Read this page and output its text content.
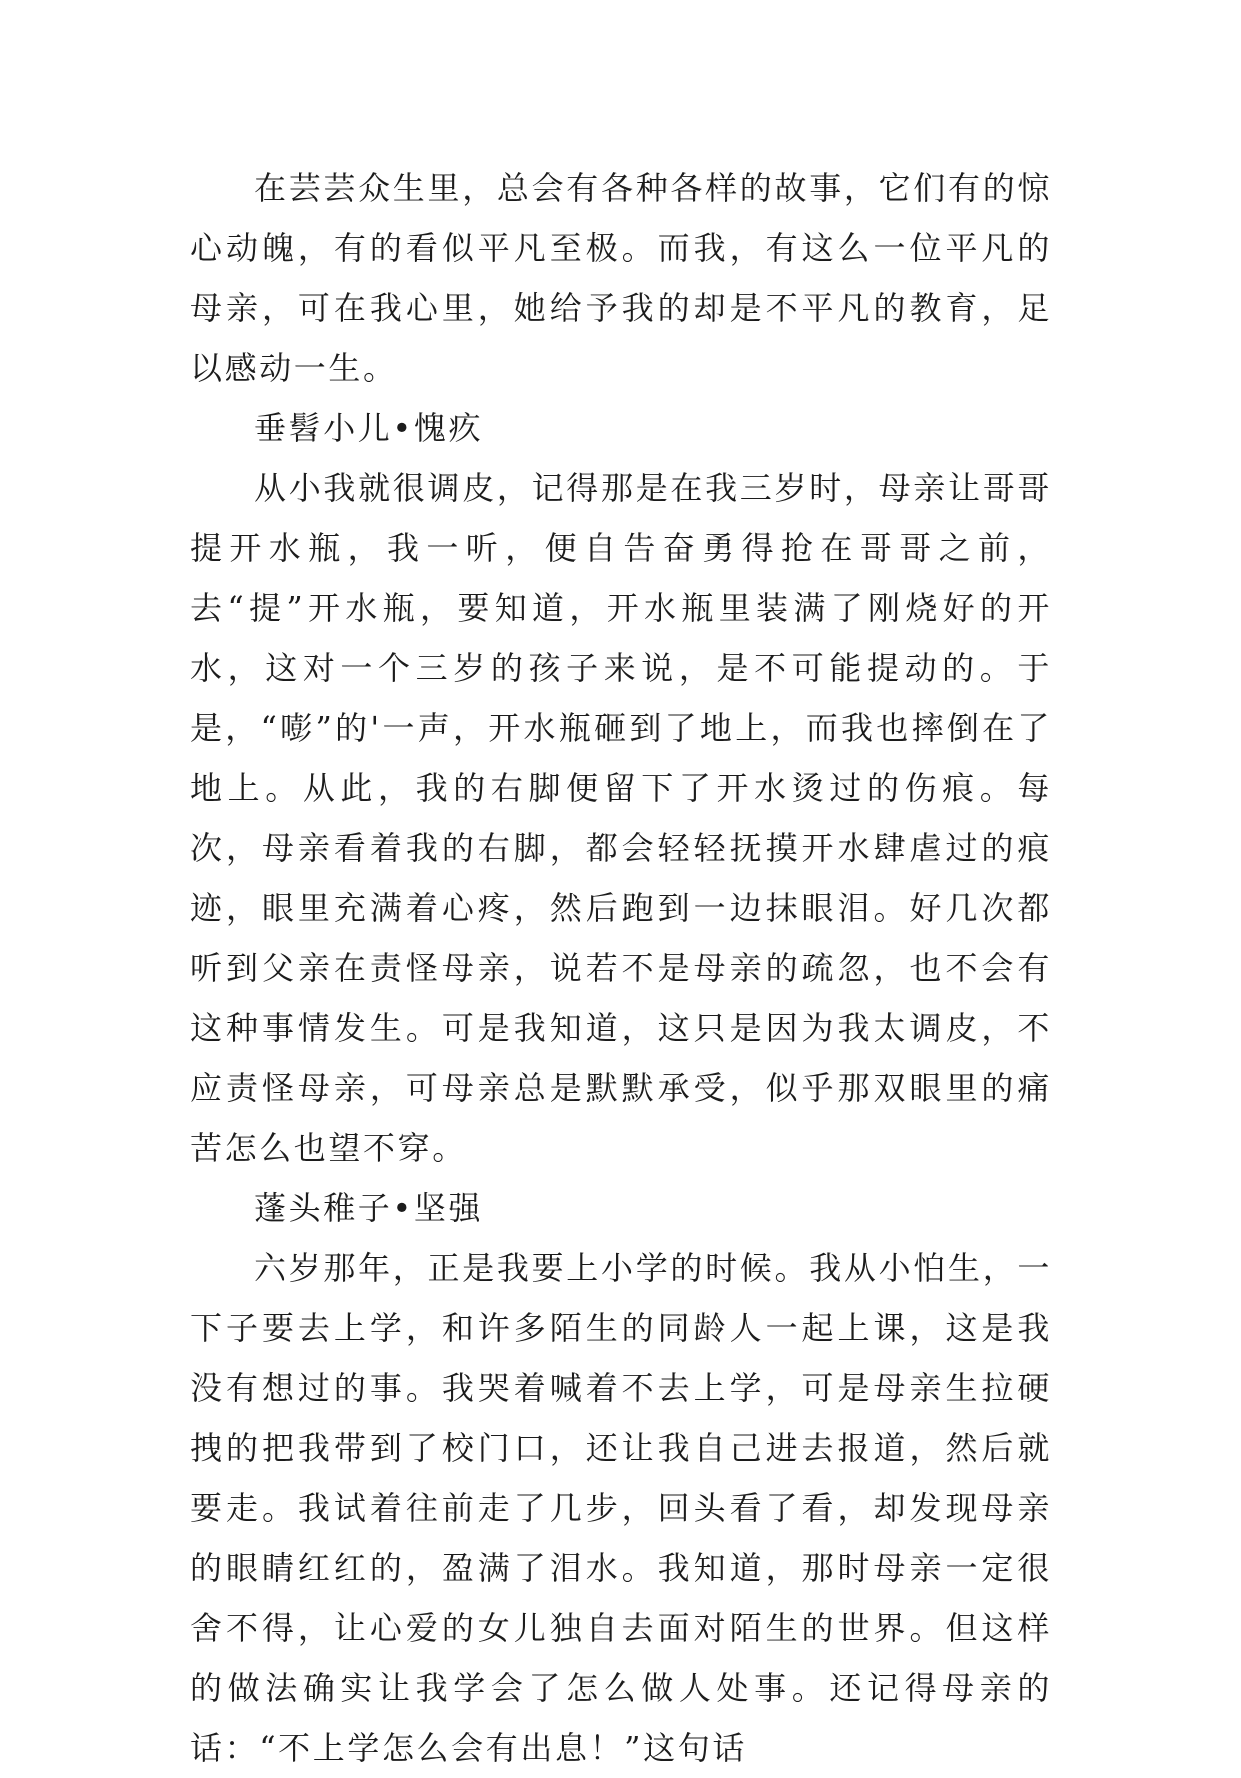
在芸芸众生里，总会有各种各样的故事，它们有的惊心动魄，有的看似平凡至极。而我，有这么一位平凡的母亲，可在我心里，她给予我的却是不平凡的教育，足以感动一生。

垂髫小儿•愧疚

从小我就很调皮，记得那是在我三岁时，母亲让哥哥提开水瓶，我一听，便自告奋勇得抢在哥哥之前，去“提”开水瓶，要知道，开水瓶里装满了刚烧好的开水，这对一个三岁的孩子来说，是不可能提动的。于是，“嘭”的'一声，开水瓶砸到了地上，而我也摔倒在了地上。从此，我的右脚便留下了开水烫过的伤痕。每次，母亲看着我的右脚，都会轻轻抚摸开水肆虐过的痕迹，眼里充满着心疼，然后跑到一边抹眼泪。好几次都听到父亲在责怪母亲，说若不是母亲的疏忽，也不会有这种事情发生。可是我知道，这只是因为我太调皮，不应责怪母亲，可母亲总是默默承受，似乎那双眼里的痛苦怎么也望不穿。

蓬头稚子•坚强

六岁那年，正是我要上小学的时候。我从小怕生，一下子要去上学，和许多陌生的同龄人一起上课，这是我没有想过的事。我哭着喊着不去上学，可是母亲生拉硬拽的把我带到了校门口，还让我自己进去报道，然后就要走。我试着往前走了几步，回头看了看，却发现母亲的眼睛红红的，盈满了泪水。我知道，那时母亲一定很舍不得，让心爱的女儿独自去面对陌生的世界。但这样的做法确实让我学会了怎么做人处事。还记得母亲的话：“不上学怎么会有出息！”这句话
